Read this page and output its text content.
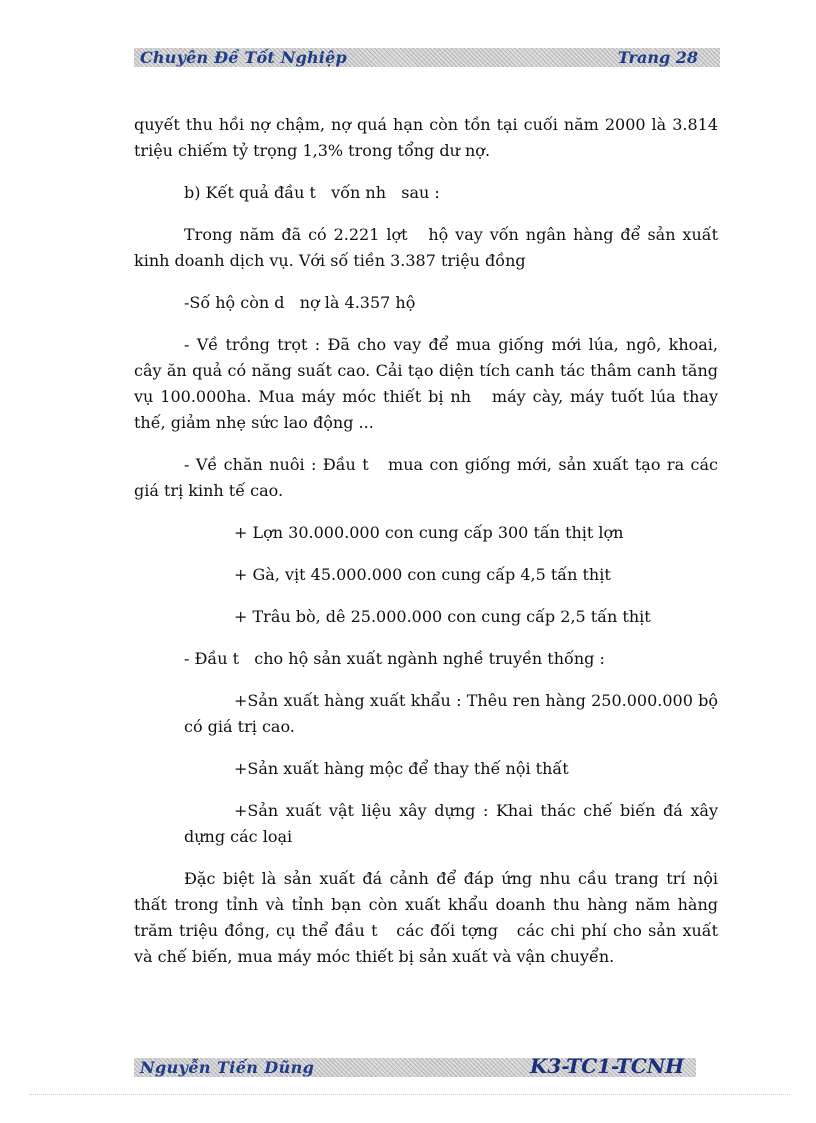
Chuyên Đề Tốt Nghiệp	Trang 28

quyết thu hồi nợ chậm, nợ quá hạn còn tồn tại cuối năm 2000 là 3.814 triệu chiếm tỷ trọng 1,3% trong tổng dư nợ.

b) Kết quả đầu t   vốn nh   sau :

Trong năm đã có 2.221 lợt   hộ vay vốn ngân hàng để sản xuất kinh doanh dịch vụ. Với số tiền 3.387 triệu đồng

-Số hộ còn d   nợ là 4.357 hộ

- Về trồng trọt : Đã cho vay để mua giống mới lúa, ngô, khoai, cây ăn quả có năng suất cao. Cải tạo diện tích canh tác thâm canh tăng vụ 100.000ha. Mua máy móc thiết bị nh   máy cày, máy tuốt lúa thay thế, giảm nhẹ sức lao động ...

- Về chăn nuôi : Đầu t   mua con giống mới, sản xuất tạo ra các giá trị kinh tế cao.

+ Lợn 30.000.000 con cung cấp 300 tấn thịt lợn

+ Gà, vịt 45.000.000 con cung cấp 4,5 tấn thịt

+ Trâu bò, dê 25.000.000 con cung cấp 2,5 tấn thịt

- Đầu t   cho hộ sản xuất ngành nghề truyền thống :

+Sản xuất hàng xuất khẩu : Thêu ren hàng 250.000.000 bộ có giá trị cao.

+Sản xuất hàng mộc để thay thế nội thất

+Sản xuất vật liệu xây dựng : Khai thác chế biến đá xây dựng các loại

Đặc biệt là sản xuất đá cảnh để đáp ứng nhu cầu trang trí nội thất trong tỉnh và tỉnh bạn còn xuất khẩu doanh thu hàng năm hàng trăm triệu đồng, cụ thể đầu t   các đối tợng   các chi phí cho sản xuất và chế biến, mua máy móc thiết bị sản xuất và vận chuyển.

Nguyễn Tiến Dũng	K3-TC1-TCNH
